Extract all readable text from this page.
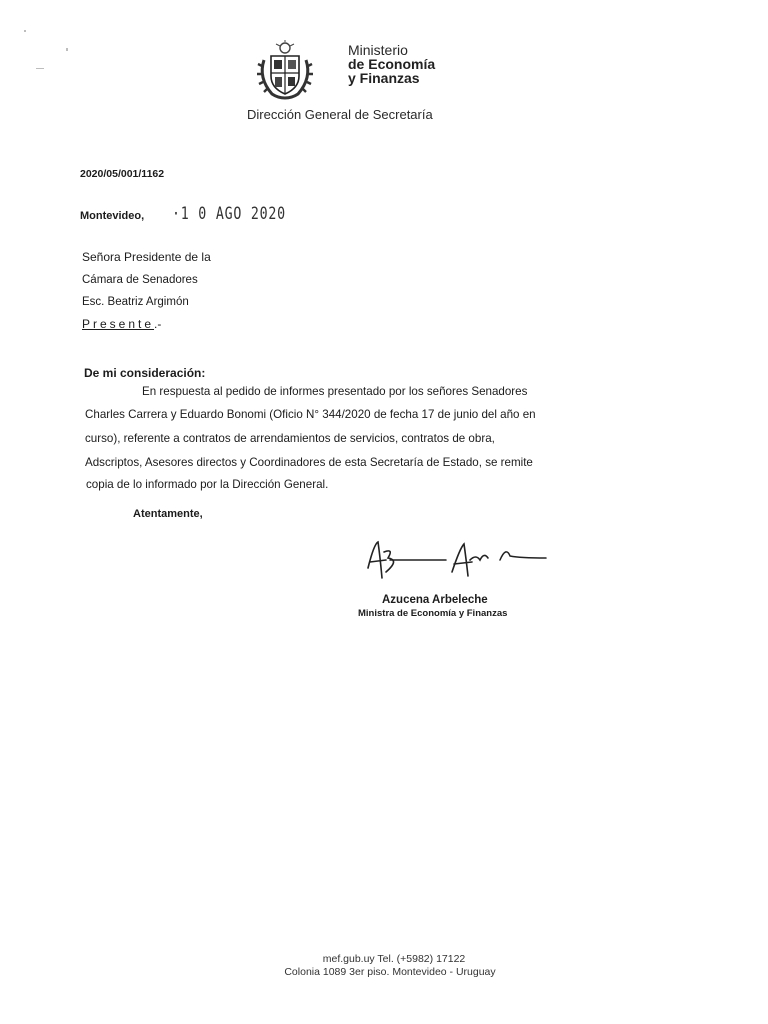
Ministerio
de Economía
y Finanzas
Dirección General de Secretaría
2020/05/001/1162
Montevideo, ·1 0 AGO 2020
Señora Presidente de la
Cámara de Senadores
Esc. Beatriz Argimón
Presente.-
De mi consideración:
En respuesta al pedido de informes presentado por los señores Senadores
Charles Carrera y Eduardo Bonomi (Oficio N° 344/2020 de fecha 17 de junio del año en
curso), referente a contratos de arrendamientos de servicios, contratos de obra,
Adscriptos, Asesores directos y Coordinadores de esta Secretaría de Estado, se remite
copia de lo informado por la Dirección General.
Atentamente,
Azucena Arbeleche
Ministra de Economía y Finanzas
mef.gub.uy Tel. (+5982) 17122
Colonia 1089 3er piso. Montevideo - Uruguay
